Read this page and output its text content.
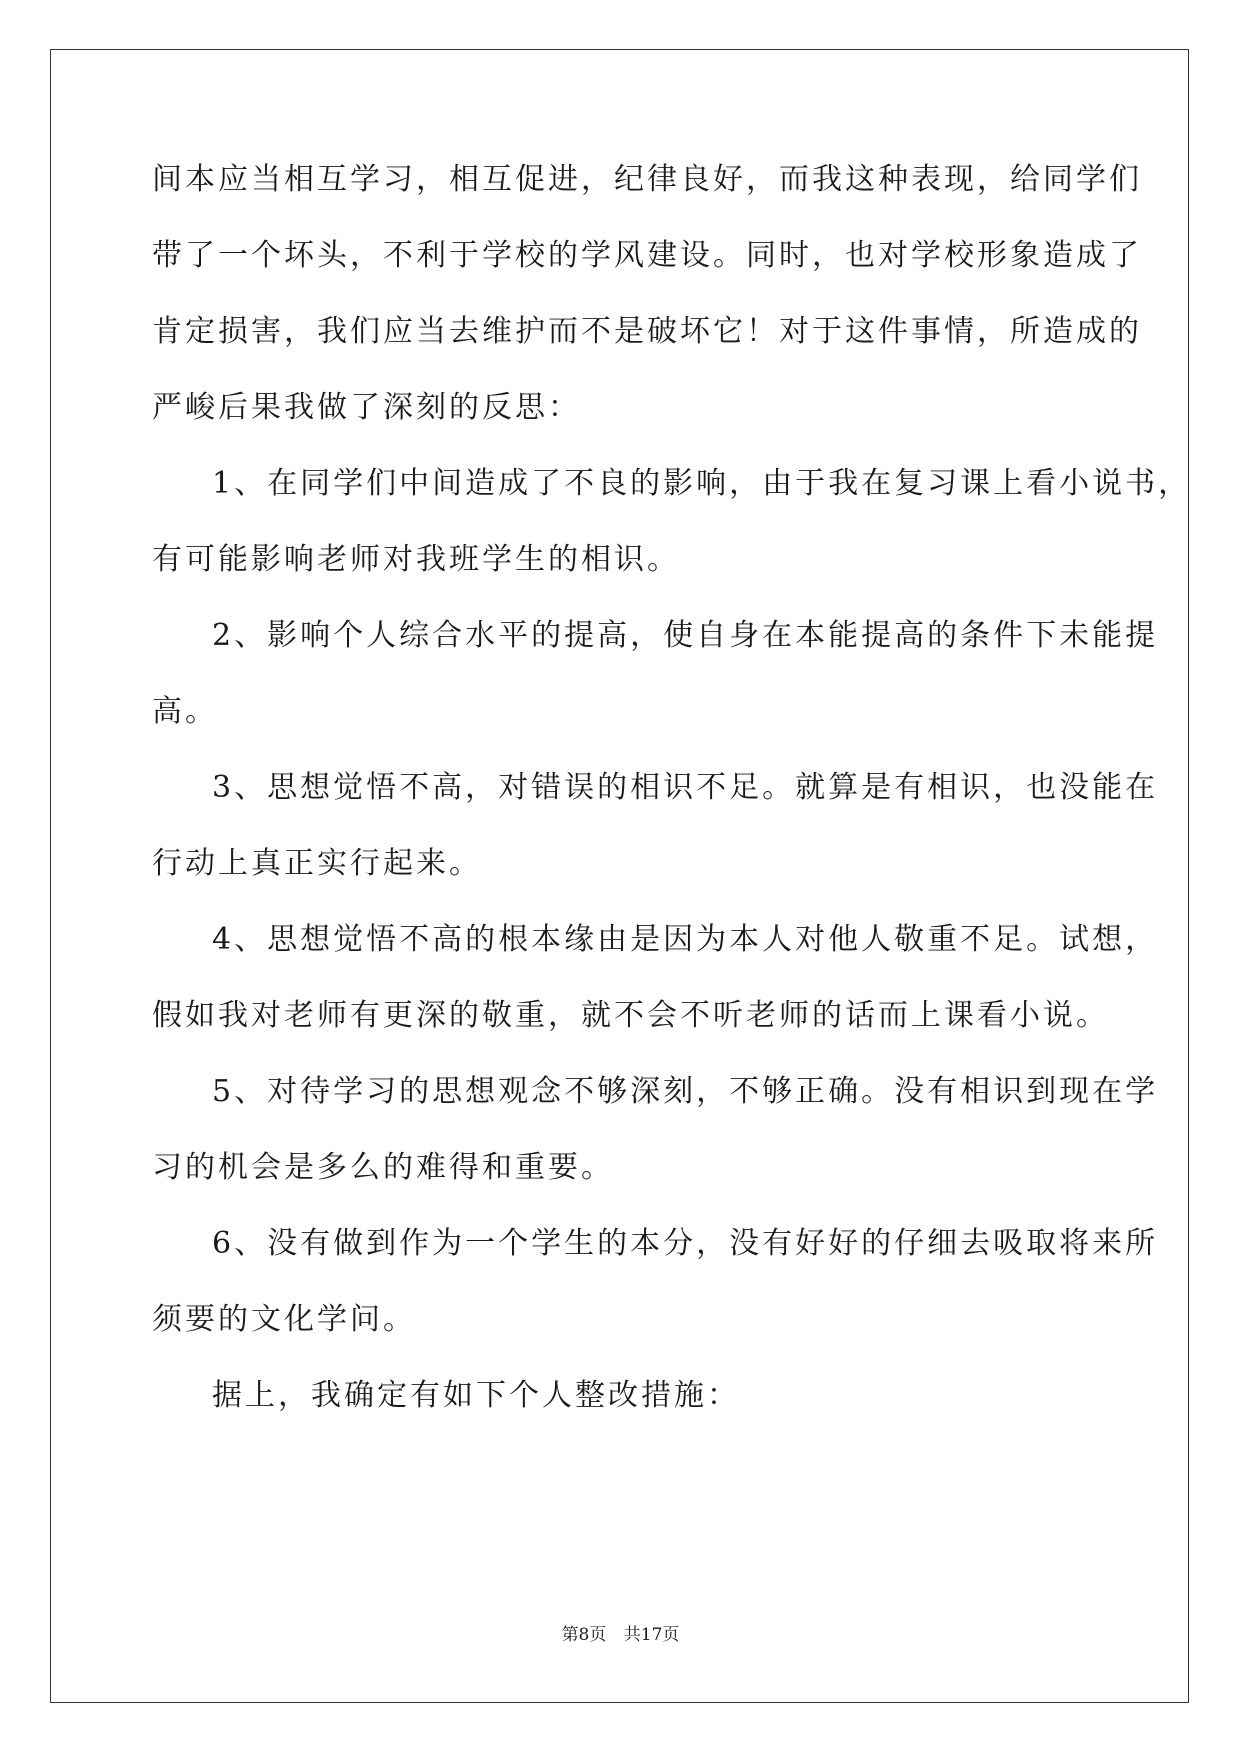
间本应当相互学习，相互促进，纪律良好，而我这种表现，给同学们
带了一个坏头，不利于学校的学风建设。同时，也对学校形象造成了
肯定损害，我们应当去维护而不是破坏它！对于这件事情，所造成的
严峻后果我做了深刻的反思：
1、在同学们中间造成了不良的影响，由于我在复习课上看小说书，
有可能影响老师对我班学生的相识。
2、影响个人综合水平的提高，使自身在本能提高的条件下未能提
高。
3、思想觉悟不高，对错误的相识不足。就算是有相识，也没能在
行动上真正实行起来。
4、思想觉悟不高的根本缘由是因为本人对他人敬重不足。试想，
假如我对老师有更深的敬重，就不会不听老师的话而上课看小说。
5、对待学习的思想观念不够深刻，不够正确。没有相识到现在学
习的机会是多么的难得和重要。
6、没有做到作为一个学生的本分，没有好好的仔细去吸取将来所
须要的文化学问。
据上，我确定有如下个人整改措施：
第8页 共17页
